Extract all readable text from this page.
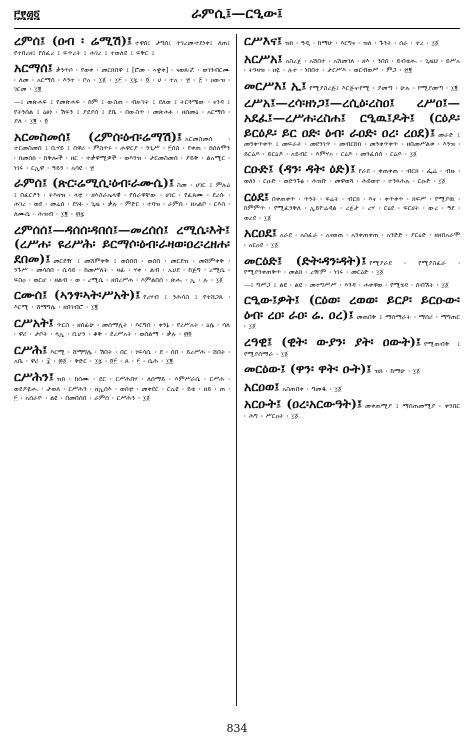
፫፻፴፬	ራምሲ፤—ርዒው፤

ረምሰ፤ (ዐብ ፡ ሬሚሽ)፤ ተዋሰ፤ ታግሰ፤ ተገረመ፡ተደነቀ፤ ለጠ፤ የተበረዘ፤ የሰፈረ ፤ ፍጥረት ፤ ሐገረ ፤ ተወለደ ፤ ፍቅር ፤

አርማሰ፤ ቃንጥሶ ፡ የወቀ ፡ መርክበዋ ፤ [ሮመ ፡ ኣቋቀ] ፡ ናወጸ፡ሯ ፡ ወገንብርሙ ፡ ለመ ፡ አርማሰ ፡ እንተ ፡ ቦአ ፡ ፲፩ ፡ ፲፫ ፡ ፲፯ ፡ ፬ ፡ ሀ ፡ ተአ ፡ ፳ ፡ ፭ ፡ ዐውዝ ፡ ገርመ ፡ ፲፪

—፤ መጽሐፍ ፤ የመጽሐፍ ፡ ከም ፤ ውስጠ ፡ ብዙኀት ፤ ደለወ ፤ ትርጓሜው ፡ ናንዳ ፤ የትንሰል ፤ ዕፀነ ፡ ሽፍን ፤ ያደያሰ ፤ ደቤ ፡ በውስጥ ፡ መጽሐፉ ፡ ዘሰመዕ ፡ አርማሰ ፡ ያለ ፡ ፲፪ ፡ ፬

አርመስመሰ፤ (ረምሰ፡ዕብ፡ሬማሽ)፤ አርመስመሰ ፡ ተርመስመሰ ፤ ቢሃይ ፤ በዋሪ ፡ ምስጥሩ ፡ ሐዋርያ ፡ ንጊሥ ፡ ፫ሰስ ፡ የቀጠ ፡ ከሰለሞን ፡ ክመሰክ ፡ ከቅሎች ፡ ዘር ፡ ተቃዋሚዎች ፡ ወእንዝ ፡ ታርመስመሰ ፡ ያይቅ ፡ ልአሚር ፡ ነገሩ ፡ ርኢዋ ፡ ዓይን ፡ አሳዩ ፡ ፳

ራምሰ፤ (ጽር፡ሬሚሲ፡ዕብ፡ራሙሴ)፤ ስመ ፡ ሀገር ፤ ምሉዕ ፤ በፈርዖን ፡ ትእዛዝ ፡ ላቲ ፡ ዘእስራኤላዊ ፡ የሰራዋቸው ፡ ሀገር ፡ የፈጸሙ ፡ ደረሱ ፡ ሐገረ ፡ ወደ ፡ መሬሰ ፡ ደገፉ ፡ ጊዜ ፡ ቃሉ ፡ ምድር ፡ ተባዝ ፡ ራምሰ ፡ ዘአልቦ ፡ ርእስ ፡ ለሙሴ ፡ ሕዝብ ፡ ፲፪ ፡ ፴፯

ረምሰሰ፤—ዳሰሰ፡ዳበሰ፤—መረሰሰ፤ ረሚሴ፡እት፤ (ረሥሐ፡ ዩሪሥሕ፡ ይርማሶ፡ዕብ፡ራዛወ፡ዐረ፡ረዘሐ፡ ደበመ)፤ መርደዥ ፤ መሸምቀቅ ፤ ወሰበበ ፡ ወሰበ ፡ መርደዝ ፡ መሸምቀቅ ፡ ንጉሥ ፡ መሳሰበ ፡ ሲሳይ ፡ ከመሥለት ፡ ዛፊ ፡ ሃቀ ፡ ልብ ፡ ኡሀደ ፡ ከጅግ ፡ ረሚሴ ፡ ፍስዐ ፡ ወርሆ ፡ ዘልብ ፡ ወ ፡ ረሚሴ ፡ ዘበረሥሐ ፡ እምልበሰ ፡ ጽሑ ፡ ኢ ፡ ሉ ፡ ፲፩

ርሙሰ፤ (ኣንፃ፡ኣት፡ሥአት)፤ የረሃብ ፤ ንሕሳስ ፤ የተሸጋጸ ፡ እርሚ ፡ ሸማግሌ ፡ ዘበገብሮ ፡ ፲፪

ርሥአት፤ ጥርስ ፡ ዘሰፊሁ ፡ መሰማሊት ፡ እርግሰ ፡ ቀንኔ ፡ የረሥአት ፡ ዕሌ ፡ ሳለ ፡ ዋሪ ፡ ታቦት ፡ ላኢ ፡ ቢሆን ፡ ቆቅ ፡ ደረሥአት ፡ ወሰልማ ፡ ቃሉ ፡ ፴፬

ርሥሕ፤ እርሚ ፡ ሸማግሌ ፡ ሽበት ፡ በር ፡ ነፍሳሲ ፡ ደ ፡ ሰበ ፡ ይረሥሕ ፡ ሸበት ፡ አቤ ፡ ዋሪ ፡ ፰ ፡ ፴፩ ፡ ቅድር ፡ ፲፯ ፡ ፬፫ ፡ ጸ ፡ ፫ ፡ ሴሕ ፡ ፲፪

ርሥሕን፤ ዝክ ፡ ከሰሙ ፡ ደር ፡ ርሥሕበሃ ፡ ለሰማይ ፡ እምሥራሴ ፡ ርሥሕ ፡ ወደዶዬሑ ፡ ታወለ ፡ ርሥሕን ፡ ዘኢሰእ ፡ ወሰቲ ፡ መቀደር ፡ ርኡዩ ፡ ይቴ ፡ ዘይ ፡ ጠ ፡ ፫ ፡ አሰራዮ ፡ ልዩ ፡ በመበሰበ ፡ ራምሰ ፡ ርሥሕን ፡ ፲፩

ርሥእና፤ ዝክ ፡ ዓዲ ፡ ከማሁ ፡ እርግና ፡ ዝለ ፡ ጉንት ፡ ሰራ ፡ ተረ ፡ ፲፩

አርሥአ፤ አስረጀ ፡ አሸበተ ፡ አሸመገለ ፡ ዘእ ፡ ንበሰ ፡ ይብቴሑ ፡ ጊዜህ ፡ ይሥአ ፡ ትንዛዝ ፡ ዘዬ ፡ ሉተ ፡ ነበበተ ፡ ታርሥእ ፡ ወርብወሥ ፡ ምጋ ፡ ፳፪

መርሥእ፤ ኢ፤ የሚያስረጅ፤ እርጅና፡የሚ ፡ ያመጣ ፡ ሁሉ ፡ የሚያመጣ ፡ ፲፪

ረሥአ፤—ረሳ፡ዘነጋ፤—ረሲዕ፡ረስዐ፤ ረሥዐ፤—አደፈ፤—ረሥሐ፡ረስሐ፤ ርዒዉ፤ዶት፤ (ርዕዶ፡ ይርዕዶ፡ ይር ዐድ፡ ዕብ፡ ራዐድ፡ ዐረ፡ ረዐደ)፤ መራድ ፤ መንቀጥቀጥ ፤ መፍራት ፡ መደንገጥ ፡ መብርከክ ፡ መንቀጥቀጥ ፡ ዘበመሥልቱ ፡ እንዝ ፡ ይርዕዶ ፡ ይርዕዶ ፡ አይብር ፡ እምሃኦ ፡ ርዕዶ ፡ መንፈሰሰ ፡ ርዕዶ ፡ ፲፩

ርዑድ፤ (ዳን፡ ዳት፡ ዕድ)፤ የራደ ፡ ቀጠቀጠ ፡ ብርክ ፡ ፌሬ ፡ ብዙ ፡ ወለነ ፡ ርዑድ ፡ ወድንጉፅ ፡ ሕዝቡ ፡ መዋወሻ ፡ ሕይወተ ፡ ተንጻሕሉ ፡ ርዑድ ፡ ፲፩

ርዕደ፤ በቀጠቀጥ ፡ ጥንት ፡ ፍሬት ፡ ብርክ ፡ እና ፡ ቀጥቀጥ ፡ ክፍሥ ፡ የሚያዉ ፡ ከምምጥ ፡ የሚፈንቅለ ፡ ኢይዮሬዳል ፡ ረጀታ ፡ ረሃ ፡ ርዕደ ፡ ፍርሀት ፡ ውረ ፡ ዓደ ፡ ወረደ ፡ ፲፩

አርዐደ፤ አራደ ፡ አስፈራ ፡ አናወጠ ፡ አንቀጠቀጠ ፡ አንድድ ፡ ያርዕድ ፡ ዘዘበአራሞ ፡ አርዐደ ፡ ፲፩

መርዕድ፤ (ድት፡ዳን፡ዳት)፤ የሚያራደ ፡ የሚያስፈራ ፡ የሚያንቀጠቅጥ ፡ መልክ ፡ ረዥም ፡ ነገሩ ፡ መርዕድ ፡ ፲፩

—፤ ግሥጋ ፤ ልዩ ፡ ልዩ ፡ መተግሥሥ ፡ እንዳ ፡ ሐቀዋወ ፡ የሚሄዳ ፡ ሰብኧት ፡ ፲፩

ርዒው፤ዎት፤ (ርዕወ፡ ረወወ፡ ይርዖ፡ ይርዑው፡ ዕብ፡ ረዐ፡ ራዐ፡ ሬ. ዐረ)፤ መጠበቅ ፤ ማሰማራት ፡ ማሰሪ ፡ ማግጠር ፡ ፲፩

ረዓዊ፤ (ዊት፡ ውያን፡ ያት፡ ዐውት)፤ የሚጠብቅ ፤ የሚያሰማራ ፡ ፲፩

መርዕው፤ (ዋን፡ ዋት፡ ዑት)፤ ዝክ ፡ ከማሁ ፡ ፲፩

አርዐወ፤ አስጠበቀ ፡ ግመዱ ፡ ፲፩

አርዑት፤ (ዐረ፡አርውዓት)፤ መቀጠሚያ ፤ ማሰጠመሚያ ፡ ቀንበር ፡ ሕግ ፡ ሥርዐት ፡ ፲፩

834
